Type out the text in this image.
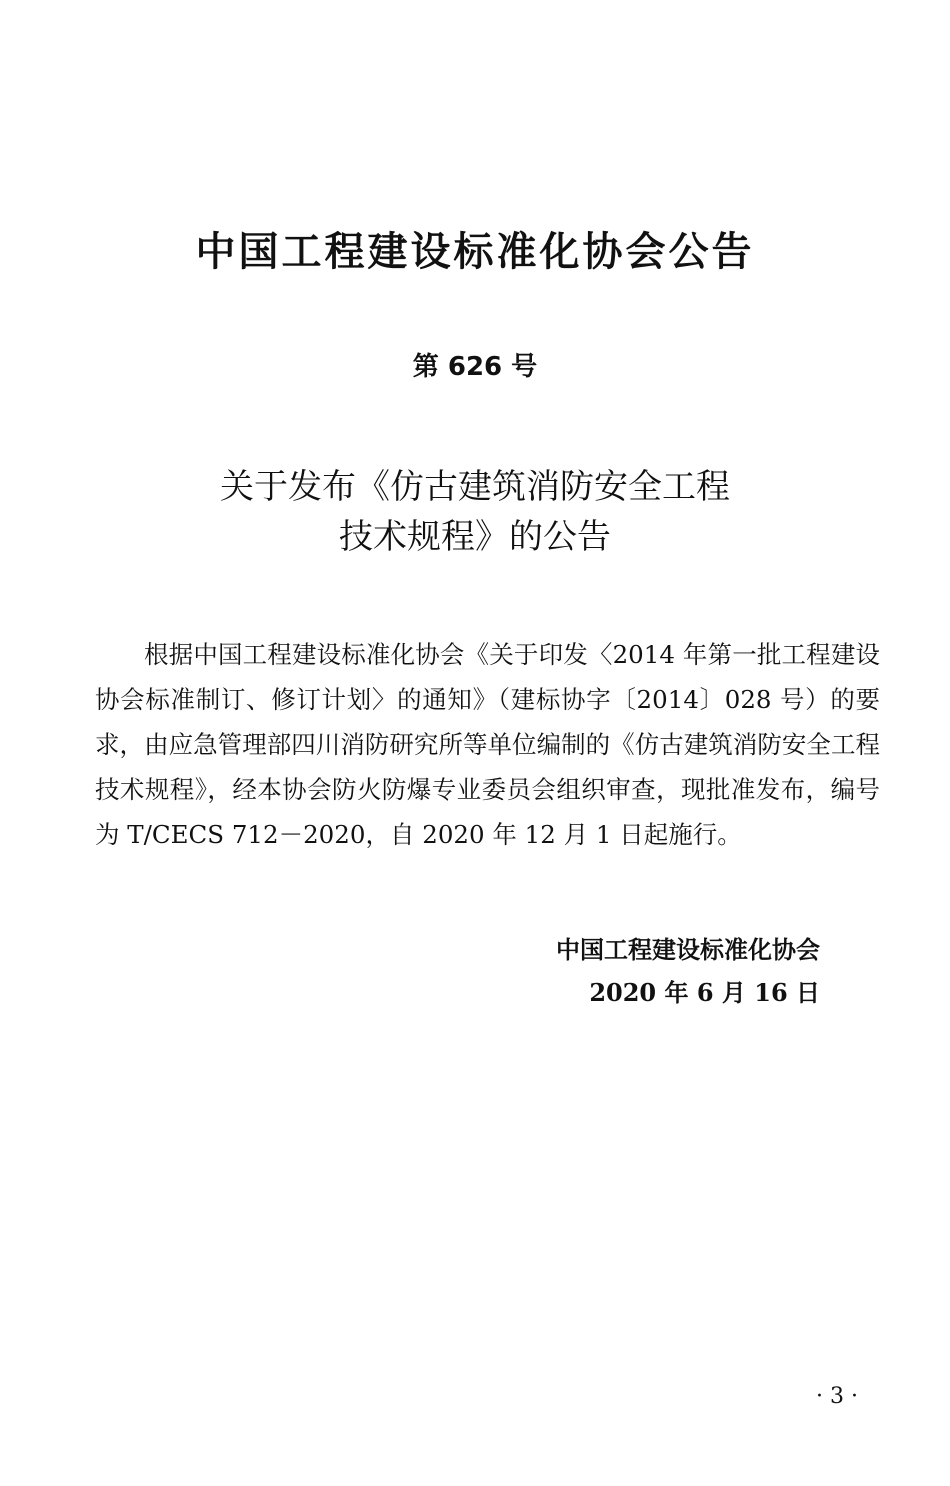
中国工程建设标准化协会公告
第 626 号
关于发布《仿古建筑消防安全工程
技术规程》的公告

根据中国工程建设标准化协会《关于印发〈2014 年第一批工程建设协会标准制订、修订计划〉的通知》（建标协字〔2014〕028 号）的要求，由应急管理部四川消防研究所等单位编制的《仿古建筑消防安全工程技术规程》，经本协会防火防爆专业委员会组织审查，现批准发布，编号为 T/CECS 712－2020，自 2020 年 12 月 1 日起施行。

中国工程建设标准化协会
2020 年 6 月 16 日
· 3 ·
